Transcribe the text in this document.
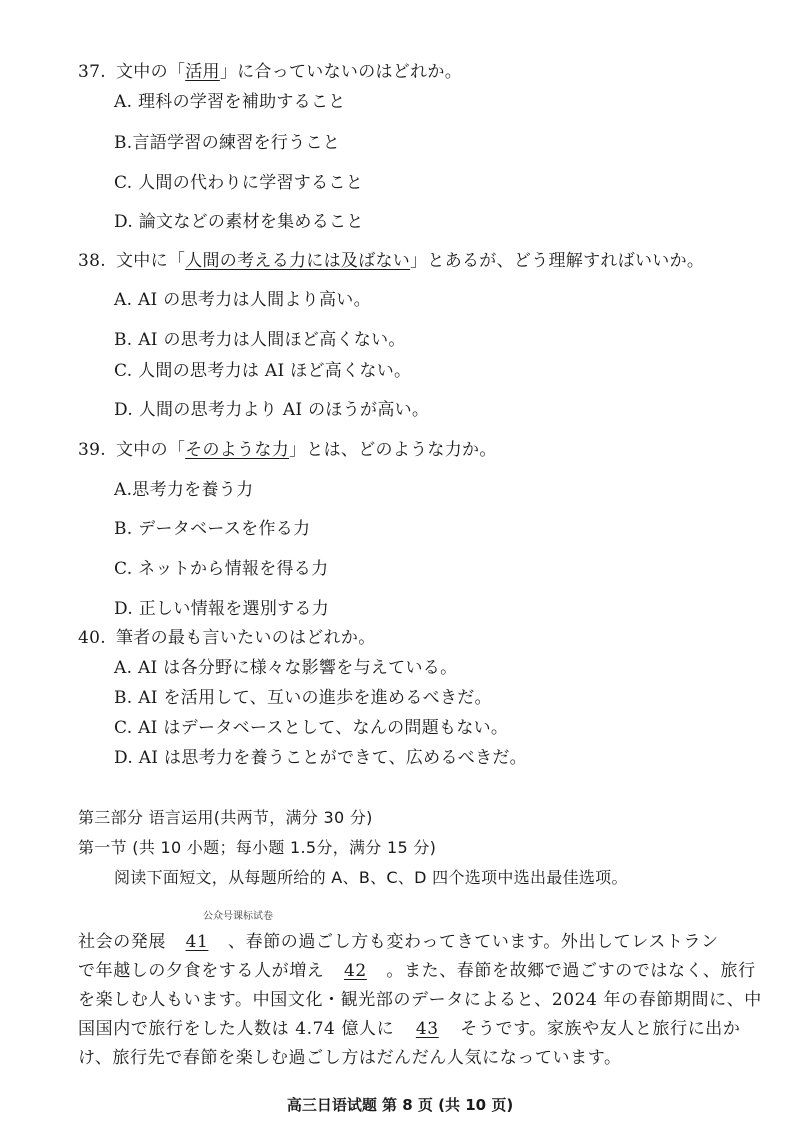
37. 文中の「活用」に合っていないのはどれか。
A. 理科の学習を補助すること
B.言語学習の練習を行うこと
C. 人間の代わりに学習すること
D. 論文などの素材を集めること
38. 文中に「人間の考える力には及ばない」とあるが、どう理解すればいいか。
A. AI の思考力は人間より高い。
B. AI の思考力は人間ほど高くない。
C. 人間の思考力は AI ほど高くない。
D. 人間の思考力より AI のほうが高い。
39. 文中の「そのような力」とは、どのような力か。
A.思考力を養う力
B. データベースを作る力
C. ネットから情報を得る力
D. 正しい情報を選別する力
40. 筆者の最も言いたいのはどれか。
A. AI は各分野に様々な影響を与えている。
B. AI を活用して、互いの進歩を進めるべきだ。
C. AI はデータベースとして、なんの問題もない。
D. AI は思考力を養うことができて、広めるべきだ。
第三部分 语言运用(共两节，满分 30 分)
第一节 (共 10 小题；每小题 1.5分，满分 15 分)
阅读下面短文，从每题所给的 A、B、C、D 四个选项中选出最佳选项。
公众号课标试卷
社会の発展 41 、春節の過ごし方も変わってきています。外出してレストラン
で年越しの夕食をする人が増え 42 。また、春節を故郷で過ごすのではなく、旅行
を楽しむ人もいます。中国文化・観光部のデータによると、2024 年の春節期間に、中
国国内で旅行をした人数は 4.74 億人に 43 そうです。家族や友人と旅行に出か
け、旅行先で春節を楽しむ過ごし方はだんだん人気になっています。
高三日语试题 第 8 页 (共 10 页)
